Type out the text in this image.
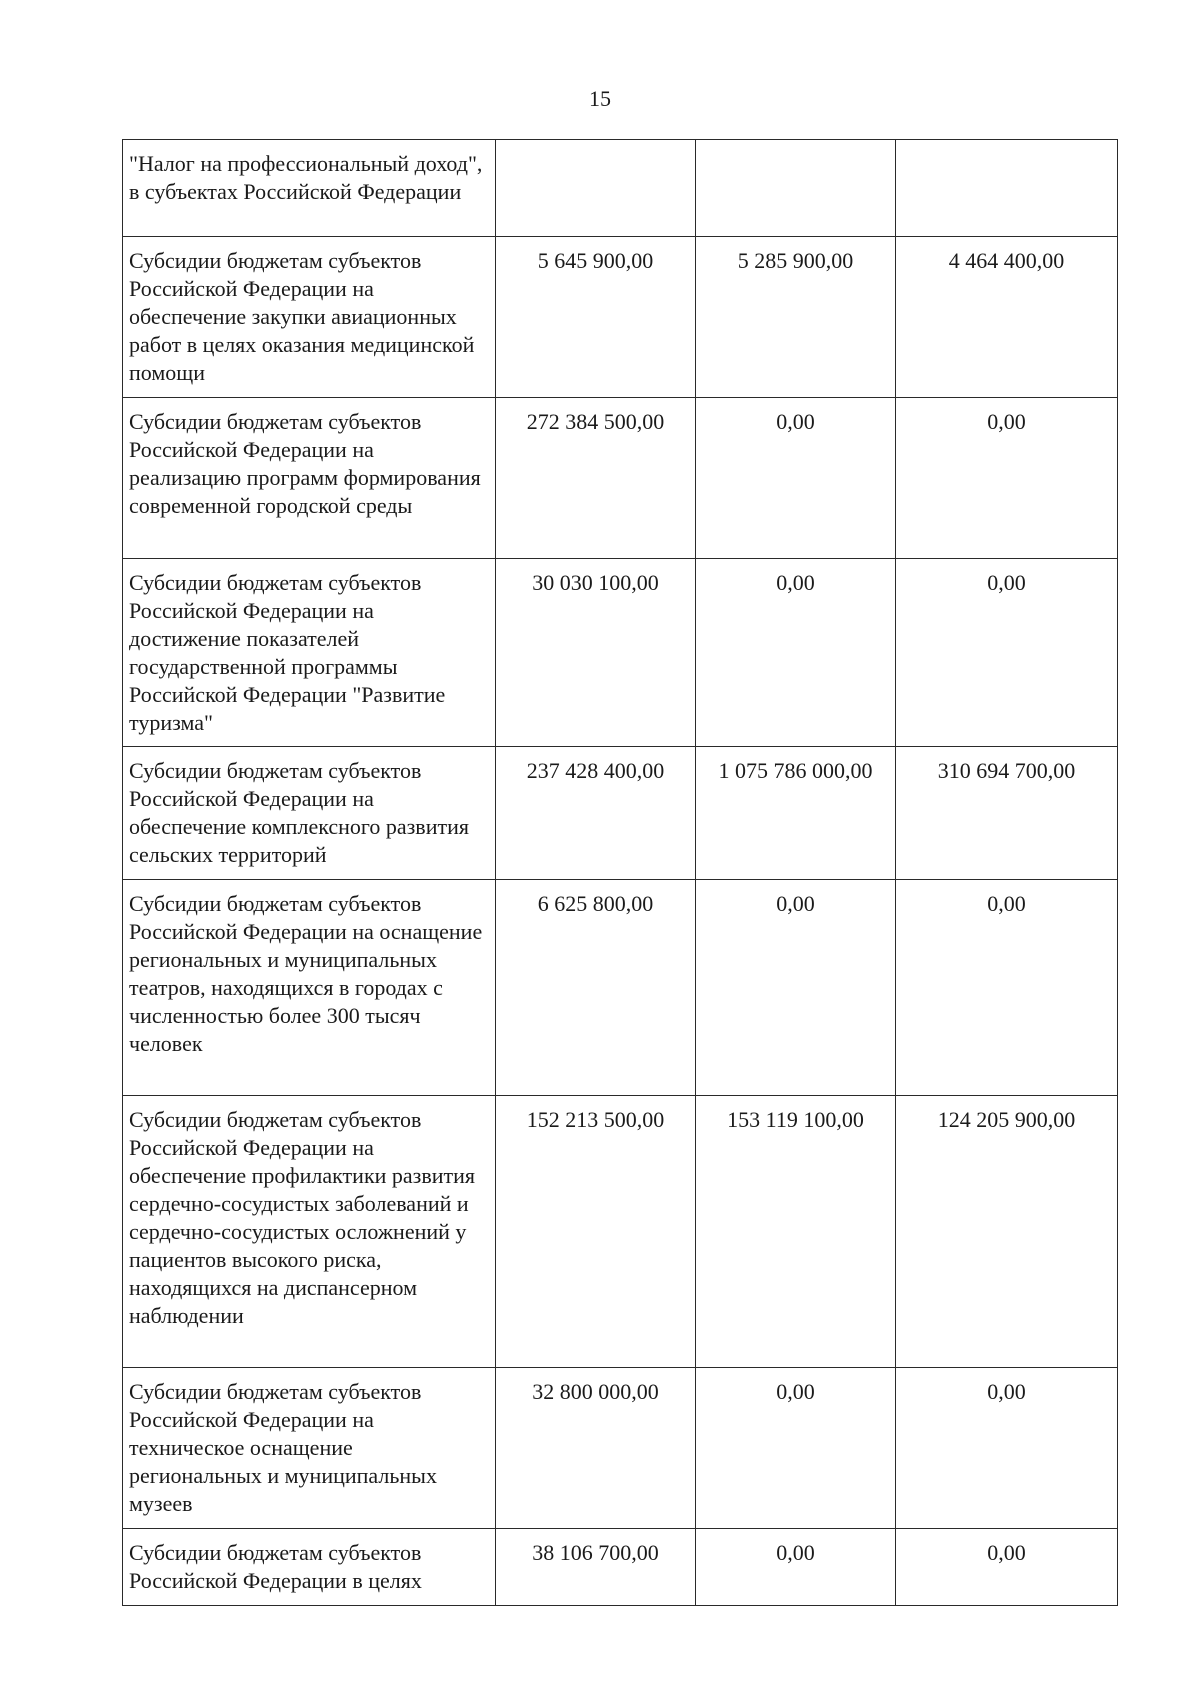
15
"Налог на профессиональный доход", в субъектах Российской Федерации			
Субсидии бюджетам субъектов Российской Федерации на обеспечение закупки авиационных работ в целях оказания медицинской помощи	5 645 900,00	5 285 900,00	4 464 400,00
Субсидии бюджетам субъектов Российской Федерации на реализацию программ формирования современной городской среды	272 384 500,00	0,00	0,00
Субсидии бюджетам субъектов Российской Федерации на достижение показателей государственной программы Российской Федерации "Развитие туризма"	30 030 100,00	0,00	0,00
Субсидии бюджетам субъектов Российской Федерации на обеспечение комплексного развития сельских территорий	237 428 400,00	1 075 786 000,00	310 694 700,00
Субсидии бюджетам субъектов Российской Федерации на оснащение региональных и муниципальных театров, находящихся в городах с численностью более 300 тысяч человек	6 625 800,00	0,00	0,00
Субсидии бюджетам субъектов Российской Федерации на обеспечение профилактики развития сердечно-сосудистых заболеваний и сердечно-сосудистых осложнений у пациентов высокого риска, находящихся на диспансерном наблюдении	152 213 500,00	153 119 100,00	124 205 900,00
Субсидии бюджетам субъектов Российской Федерации на техническое оснащение региональных и муниципальных музеев	32 800 000,00	0,00	0,00
Субсидии бюджетам субъектов Российской Федерации в целях	38 106 700,00	0,00	0,00
